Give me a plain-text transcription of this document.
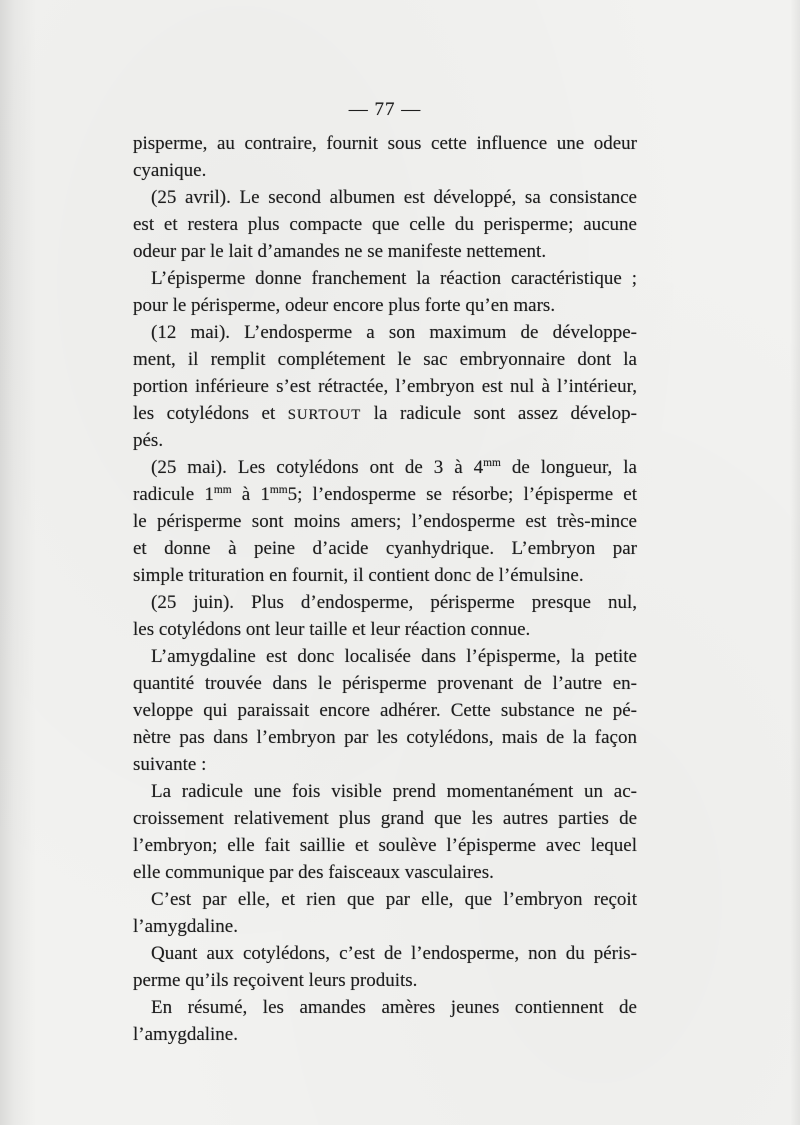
— 77 —
pisperme, au contraire, fournit sous cette influence une odeur
cyanique.
(25 avril). Le second albumen est développé, sa consistance
est et restera plus compacte que celle du perisperme; aucune
odeur par le lait d’amandes ne se manifeste nettement.
L’épisperme donne franchement la réaction caractéristique ;
pour le périsperme, odeur encore plus forte qu’en mars.
(12 mai). L’endosperme a son maximum de développe-
ment, il remplit complétement le sac embryonnaire dont la
portion inférieure s’est rétractée, l’embryon est nul à l’intérieur,
les cotylédons et SURTOUT la radicule sont assez dévelop-
pés.
(25 mai). Les cotylédons ont de 3 à $4^{mm}$ de longueur, la
radicule $1^{mm}$ à $1^{mm}5$; l’endosperme se résorbe; l’épisperme et
le périsperme sont moins amers; l’endosperme est très-mince
et donne à peine d’acide cyanhydrique. L’embryon par
simple trituration en fournit, il contient donc de l’émulsine.
(25 juin). Plus d’endosperme, périsperme presque nul,
les cotylédons ont leur taille et leur réaction connue.
L’amygdaline est donc localisée dans l’épisperme, la petite
quantité trouvée dans le périsperme provenant de l’autre en-
veloppe qui paraissait encore adhérer. Cette substance ne pé-
nètre pas dans l’embryon par les cotylédons, mais de la façon
suivante :
La radicule une fois visible prend momentanément un ac-
croissement relativement plus grand que les autres parties de
l’embryon; elle fait saillie et soulève l’épisperme avec lequel
elle communique par des faisceaux vasculaires.
C’est par elle, et rien que par elle, que l’embryon reçoit
l’amygdaline.
Quant aux cotylédons, c’est de l’endosperme, non du péris-
perme qu’ils reçoivent leurs produits.
En résumé, les amandes amères jeunes contiennent de
l’amygdaline.
